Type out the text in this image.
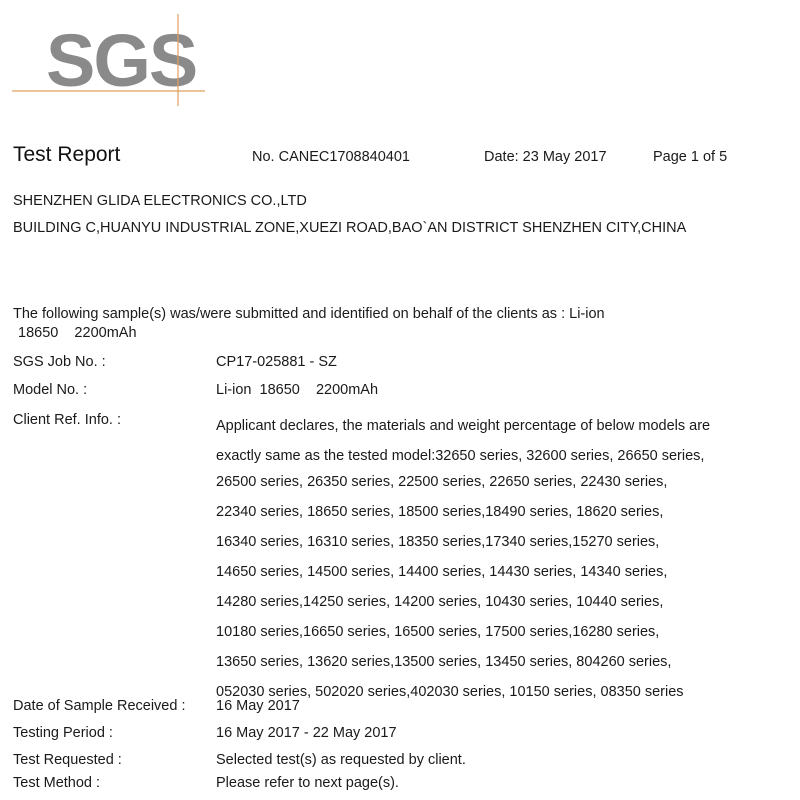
SGS
Test Report	No. CANEC1708840401	Date: 23 May 2017	Page 1 of 5
SHENZHEN GLIDA ELECTRONICS CO.,LTD
BUILDING C,HUANYU INDUSTRIAL ZONE,XUEZI ROAD,BAO`AN DISTRICT SHENZHEN CITY,CHINA
The following sample(s) was/were submitted and identified on behalf of the clients as : Li-ion
18650    2200mAh
SGS Job No. :	CP17-025881 - SZ
Model No. :	Li-ion  18650    2200mAh
Client Ref. Info. :	Applicant declares, the materials and weight percentage of below models are
exactly same as the tested model:32650 series, 32600 series, 26650 series,
26500 series, 26350 series, 22500 series, 22650 series, 22430 series,
22340 series, 18650 series, 18500 series,18490 series, 18620 series,
16340 series, 16310 series, 18350 series,17340 series,15270 series,
14650 series, 14500 series, 14400 series, 14430 series, 14340 series,
14280 series,14250 series, 14200 series, 10430 series, 10440 series,
10180 series,16650 series, 16500 series, 17500 series,16280 series,
13650 series, 13620 series,13500 series, 13450 series, 804260 series,
052030 series, 502020 series,402030 series, 10150 series, 08350 series
Date of Sample Received : 16 May 2017
Testing Period :	16 May 2017 - 22 May 2017
Test Requested :	Selected test(s) as requested by client.
Test Method :	Please refer to next page(s).
